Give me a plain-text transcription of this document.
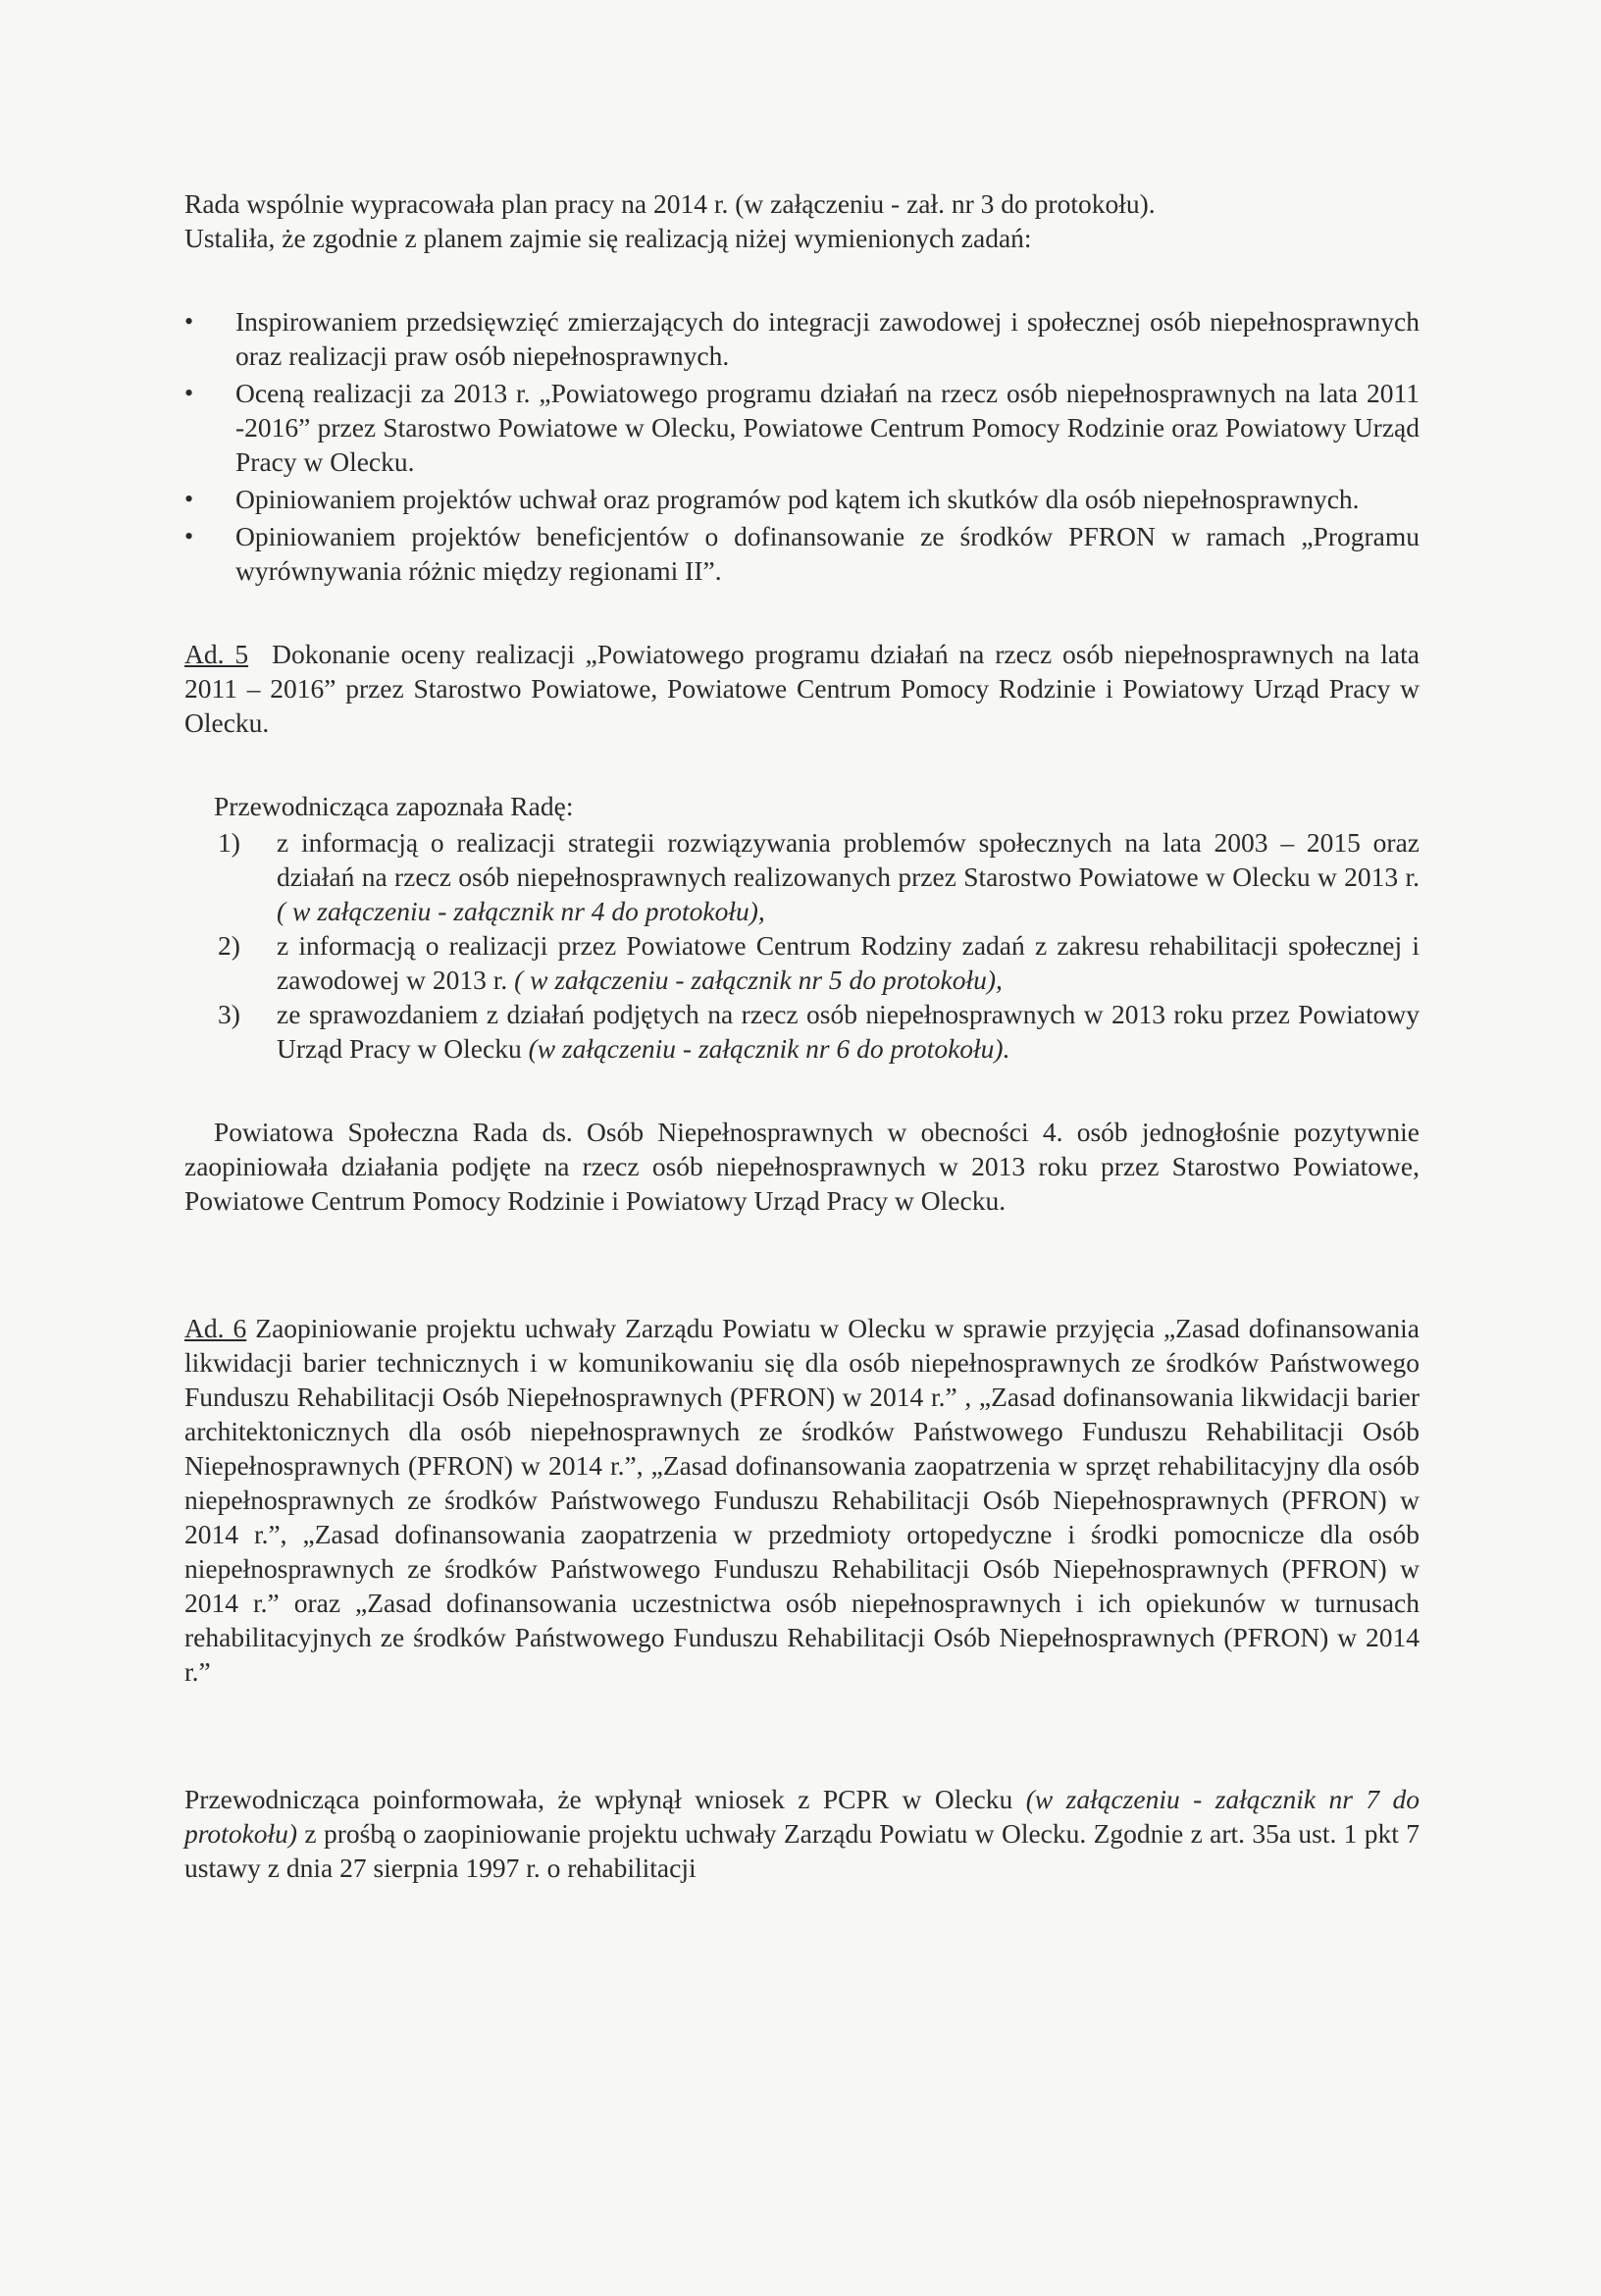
Rada wspólnie wypracowała plan pracy na 2014 r. (w załączeniu - zał. nr 3 do protokołu).
Ustaliła, że zgodnie z planem zajmie się realizacją niżej wymienionych zadań:

• Inspirowaniem przedsięwzięć zmierzających do integracji zawodowej i społecznej osób niepełnosprawnych oraz realizacji praw osób niepełnosprawnych.
• Oceną realizacji za 2013 r. „Powiatowego programu działań na rzecz osób niepełnosprawnych na lata 2011 -2016” przez Starostwo Powiatowe w Olecku, Powiatowe Centrum Pomocy Rodzinie oraz Powiatowy Urząd Pracy w Olecku.
• Opiniowaniem projektów uchwał oraz programów pod kątem ich skutków dla osób niepełnosprawnych.
• Opiniowaniem projektów beneficjentów o dofinansowanie ze środków PFRON w ramach „Programu wyrównywania różnic między regionami II”.

Ad. 5 Dokonanie oceny realizacji „Powiatowego programu działań na rzecz osób niepełnosprawnych na lata 2011 – 2016” przez Starostwo Powiatowe, Powiatowe Centrum Pomocy Rodzinie i Powiatowy Urząd Pracy w Olecku.

Przewodnicząca zapoznała Radę:

1) z informacją o realizacji strategii rozwiązywania problemów społecznych na lata 2003 – 2015 oraz działań na rzecz osób niepełnosprawnych realizowanych przez Starostwo Powiatowe w Olecku w 2013 r. ( w załączeniu - załącznik nr 4 do protokołu),
2) z informacją o realizacji przez Powiatowe Centrum Rodziny zadań z zakresu rehabilitacji społecznej i zawodowej w 2013 r. ( w załączeniu - załącznik nr 5 do protokołu),
3) ze sprawozdaniem z działań podjętych na rzecz osób niepełnosprawnych w 2013 roku przez Powiatowy Urząd Pracy w Olecku (w załączeniu - załącznik nr 6 do protokołu).

Powiatowa Społeczna Rada ds. Osób Niepełnosprawnych w obecności 4. osób jednogłośnie pozytywnie zaopiniowała działania podjęte na rzecz osób niepełnosprawnych w 2013 roku przez Starostwo Powiatowe, Powiatowe Centrum Pomocy Rodzinie i Powiatowy Urząd Pracy w Olecku.

Ad. 6 Zaopiniowanie projektu uchwały Zarządu Powiatu w Olecku w sprawie przyjęcia „Zasad dofinansowania likwidacji barier technicznych i w komunikowaniu się dla osób niepełnosprawnych ze środków Państwowego Funduszu Rehabilitacji Osób Niepełnosprawnych (PFRON) w 2014 r.” , „Zasad dofinansowania likwidacji barier architektonicznych dla osób niepełnosprawnych ze środków Państwowego Funduszu Rehabilitacji Osób Niepełnosprawnych (PFRON) w 2014 r.”, „Zasad dofinansowania zaopatrzenia w sprzęt rehabilitacyjny dla osób niepełnosprawnych ze środków Państwowego Funduszu Rehabilitacji Osób Niepełnosprawnych (PFRON) w 2014 r.”, „Zasad dofinansowania zaopatrzenia w przedmioty ortopedyczne i środki pomocnicze dla osób niepełnosprawnych ze środków Państwowego Funduszu Rehabilitacji Osób Niepełnosprawnych (PFRON) w 2014 r.” oraz „Zasad dofinansowania uczestnictwa osób niepełnosprawnych i ich opiekunów w turnusach rehabilitacyjnych ze środków Państwowego Funduszu Rehabilitacji Osób Niepełnosprawnych (PFRON) w 2014 r.”

Przewodnicząca poinformowała, że wpłynął wniosek z PCPR w Olecku (w załączeniu - załącznik nr 7 do protokołu) z prośbą o zaopiniowanie projektu uchwały Zarządu Powiatu w Olecku. Zgodnie z art. 35a ust. 1 pkt 7 ustawy z dnia 27 sierpnia 1997 r. o rehabilitacji
